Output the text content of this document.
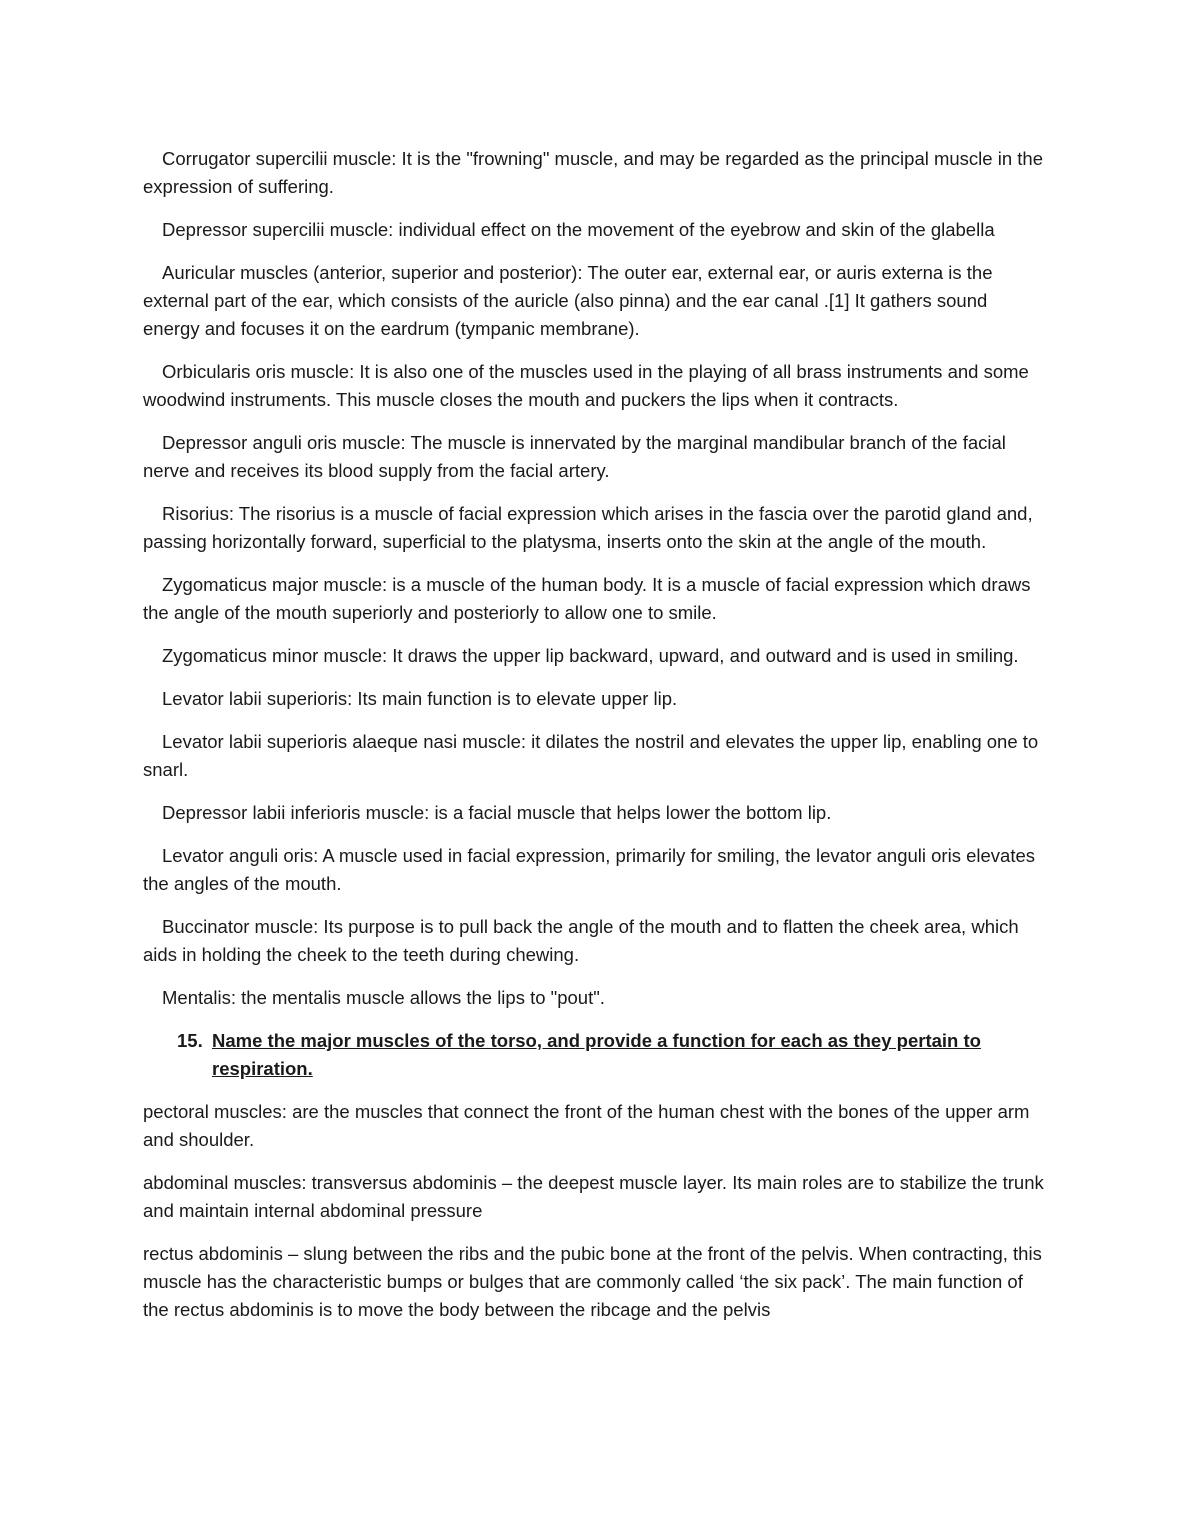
Corrugator supercilii muscle: It is the "frowning" muscle, and may be regarded as the principal muscle in the expression of suffering.

Depressor supercilii muscle: individual effect on the movement of the eyebrow and skin of the glabella

Auricular muscles (anterior, superior and posterior): The outer ear, external ear, or auris externa is the external part of the ear, which consists of the auricle (also pinna) and the ear canal .[1] It gathers sound energy and focuses it on the eardrum (tympanic membrane).

Orbicularis oris muscle: It is also one of the muscles used in the playing of all brass instruments and some woodwind instruments. This muscle closes the mouth and puckers the lips when it contracts.

Depressor anguli oris muscle: The muscle is innervated by the marginal mandibular branch of the facial nerve and receives its blood supply from the facial artery.

Risorius: The risorius is a muscle of facial expression which arises in the fascia over the parotid gland and, passing horizontally forward, superficial to the platysma, inserts onto the skin at the angle of the mouth.

Zygomaticus major muscle: is a muscle of the human body. It is a muscle of facial expression which draws the angle of the mouth superiorly and posteriorly to allow one to smile.

Zygomaticus minor muscle: It draws the upper lip backward, upward, and outward and is used in smiling.

Levator labii superioris: Its main function is to elevate upper lip.

Levator labii superioris alaeque nasi muscle: it dilates the nostril and elevates the upper lip, enabling one to snarl.

Depressor labii inferioris muscle: is a facial muscle that helps lower the bottom lip.

Levator anguli oris: A muscle used in facial expression, primarily for smiling, the levator anguli oris elevates the angles of the mouth.

Buccinator muscle: Its purpose is to pull back the angle of the mouth and to flatten the cheek area, which aids in holding the cheek to the teeth during chewing.

Mentalis: the mentalis muscle allows the lips to "pout".

15. Name the major muscles of the torso, and provide a function for each as they pertain to respiration.

pectoral muscles: are the muscles that connect the front of the human chest with the bones of the upper arm and shoulder.

abdominal muscles: transversus abdominis – the deepest muscle layer. Its main roles are to stabilize the trunk and maintain internal abdominal pressure

rectus abdominis – slung between the ribs and the pubic bone at the front of the pelvis. When contracting, this muscle has the characteristic bumps or bulges that are commonly called ‘the six pack’. The main function of the rectus abdominis is to move the body between the ribcage and the pelvis
